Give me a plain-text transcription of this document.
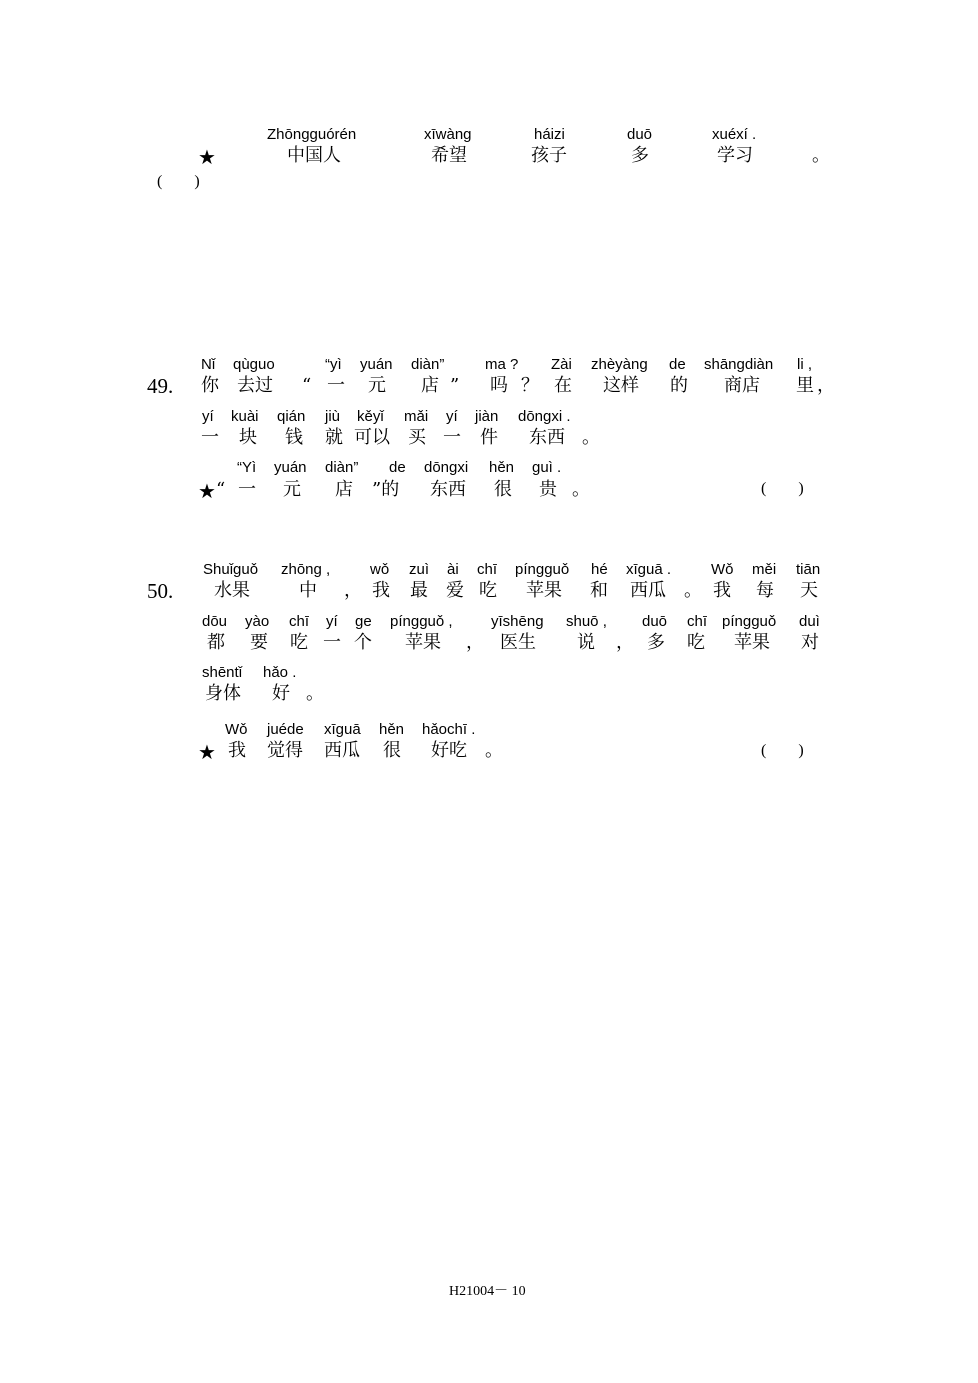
Zhōngguórén	xīwàng	háizi	duō	xuéxí .
★	中国人	希望	孩子	多	学习	。
(        )
49.
Nǐ qùguo	“yì yuán diàn”	ma ? Zài zhèyàng de shāngdiàn li ,
你 去过 “ 一 元 店 ” 吗 ？ 在 这样 的 商店 里 ，
yí kuài qián jiù kěyǐ mǎi yí jiàn dōngxi .
一 块 钱 就 可以 买 一 件 东西 。
“Yì yuán diàn” de dōngxi hěn guì .
★ “ 一 元 店 ”的 东西 很 贵 。	(        )
50.
Shuǐguǒ zhōng ,	wǒ zuì ài chī píngguǒ hé xīguā .	Wǒ měi tiān
水果	中 ， 我 最 爱 吃 苹果 和 西瓜 。 我 每 天
dōu yào chī yí ge píngguǒ ,	yīshēng shuō , duō chī píngguǒ duì
都 要 吃 一 个 苹果 ， 医生 说 ， 多 吃 苹果 对
shēntǐ hǎo .
身体 好 。
Wǒ juéde xīguā hěn hǎochī .
★ 我 觉得 西瓜 很 好吃 。	(        )
H21004－ 10
